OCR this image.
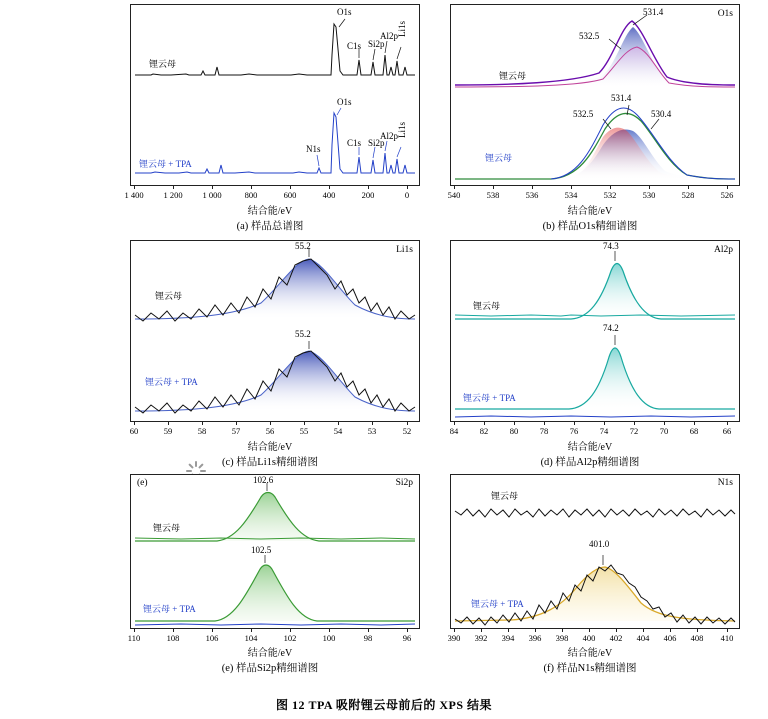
O1s
C1s Si2p
Al2p Li1s
O1s
C1s Si2p
N1s
Al2p Li1s
锂云母
锂云母 + TPA
1 400 1 200 1 000	800	600	400	200	0
结合能/eV
(a) 样品总谱图
O1s
531.4
532.5
531.4
532.5	530.4
锂云母
锂云母
540	538	536	534	532	530	528	526
结合能/eV
(b) 样品O1s精细谱图
Li1s
55.2
55.2
锂云母
锂云母 + TPA
60	59	58	57	56	55	54	53	52
结合能/eV
(c) 样品Li1s精细谱图
Al2p
74.3
74.2
锂云母
锂云母 + TPA
84	82	80	78	76	74	72	70	68	66
结合能/eV
(d) 样品Al2p精细谱图
(e)	Si2p
102.6
102.5
锂云母
锂云母 + TPA
110	108	106	104	102	100	98	96
结合能/eV
(e) 样品Si2p精细谱图
N1s
401.0
锂云母
锂云母 + TPA
390 392 394 396 398 400 402 404 406 408 410
结合能/eV
(f) 样品N1s精细谱图
图 12 TPA 吸附锂云母前后的 XPS 结果
